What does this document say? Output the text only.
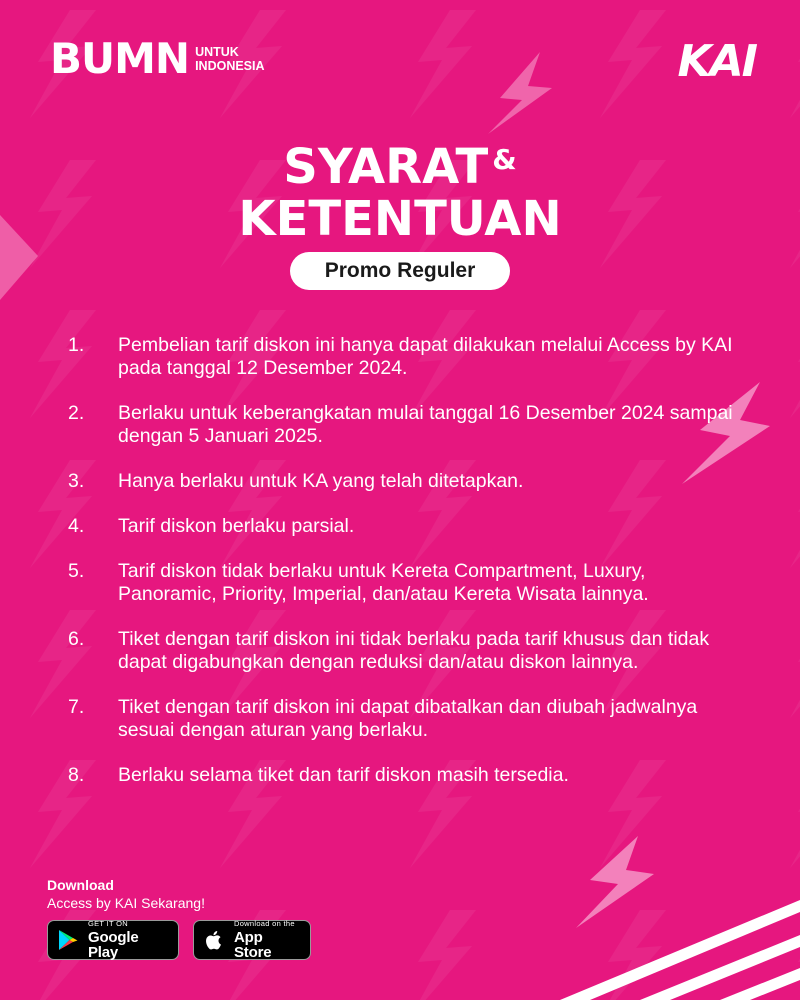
BUMN UNTUK
INDONESIA	KAI
SYARAT &
KETENTUAN
Promo Reguler
1.	Pembelian tarif diskon ini hanya dapat dilakukan melalui Access by KAI pada tanggal 12 Desember 2024.
2.	Berlaku untuk keberangkatan mulai tanggal 16 Desember 2024 sampai dengan 5 Januari 2025.
3.	Hanya berlaku untuk KA yang telah ditetapkan.
4.	Tarif diskon berlaku parsial.
5.	Tarif diskon tidak berlaku untuk Kereta Compartment, Luxury, Panoramic, Priority, Imperial, dan/atau Kereta Wisata lainnya.
6.	Tiket dengan tarif diskon ini tidak berlaku pada tarif khusus dan tidak dapat digabungkan dengan reduksi dan/atau diskon lainnya.
7.	Tiket dengan tarif diskon ini dapat dibatalkan dan diubah jadwalnya sesuai dengan aturan yang berlaku.
8.	Berlaku selama tiket dan tarif diskon masih tersedia.
Download
Access by KAI Sekarang!
GET IT ON
Google Play
Download on the
App Store
